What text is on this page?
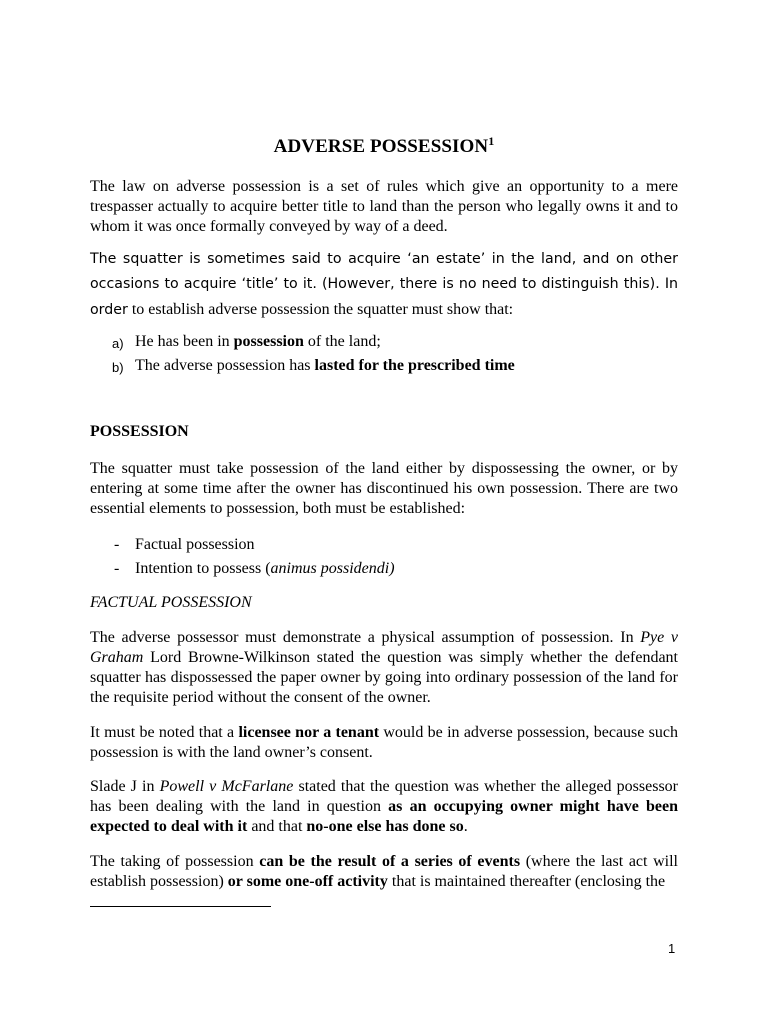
ADVERSE POSSESSION$^1$

The law on adverse possession is a set of rules which give an opportunity to a mere trespasser actually to acquire better title to land than the person who legally owns it and to whom it was once formally conveyed by way of a deed.

The squatter is sometimes said to acquire ‘an estate’ in the land, and on other occasions to acquire ‘title’ to it. (However, there is no need to distinguish this). In order to establish adverse possession the squatter must show that:

a) He has been in possession of the land;
b) The adverse possession has lasted for the prescribed time
POSSESSION

The squatter must take possession of the land either by dispossessing the owner, or by entering at some time after the owner has discontinued his own possession. There are two essential elements to possession, both must be established:

- Factual possession
- Intention to possess (animus possidendi)
FACTUAL POSSESSION

The adverse possessor must demonstrate a physical assumption of possession. In Pye v Graham Lord Browne-Wilkinson stated the question was simply whether the defendant squatter has dispossessed the paper owner by going into ordinary possession of the land for the requisite period without the consent of the owner.

It must be noted that a licensee nor a tenant would be in adverse possession, because such possession is with the land owner’s consent.

Slade J in Powell v McFarlane stated that the question was whether the alleged possessor has been dealing with the land in question as an occupying owner might have been expected to deal with it and that no-one else has done so.

The taking of possession can be the result of a series of events (where the last act will establish possession) or some one-off activity that is maintained thereafter (enclosing the

1
